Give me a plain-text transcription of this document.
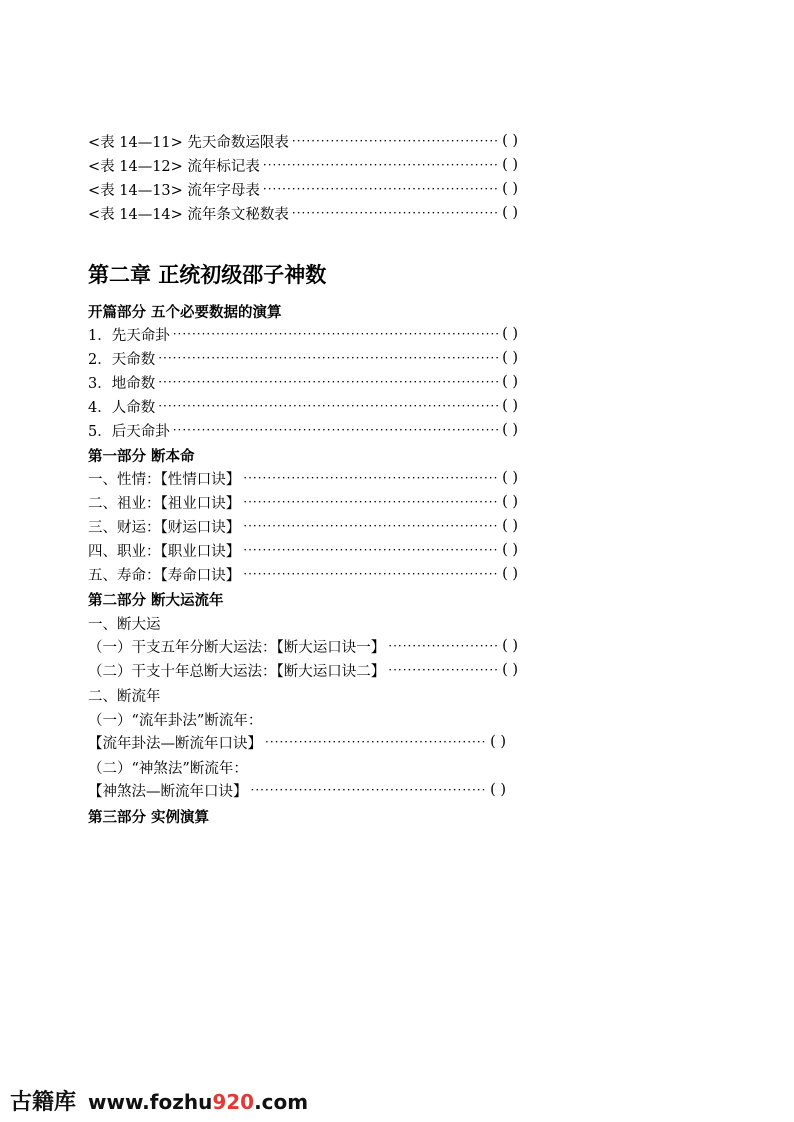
<表 14—11> 先天命数运限表 ·····	( )
<表 14—12> 流年标记表 ·····	( )
<表 14—13> 流年字母表 ·····	( )
<表 14—14> 流年条文秘数表 ·····	( )
第二章 正统初级邵子神数
开篇部分 五个必要数据的演算
1．先天命卦 ·····	( )
2．天命数 ·····	( )
3．地命数 ·····	( )
4．人命数 ·····	( )
5．后天命卦 ·····	( )
第一部分 断本命
一、性情：【性情口诀】 ·····	( )
二、祖业：【祖业口诀】 ·····	( )
三、财运：【财运口诀】 ·····	( )
四、职业：【职业口诀】 ·····	( )
五、寿命：【寿命口诀】 ·····	( )
第二部分 断大运流年
一、断大运
（一）干支五年分断大运法：【断大运口诀一】 ·····	( )
（二）干支十年总断大运法：【断大运口诀二】 ·····	( )
二、断流年
（一）“流年卦法”断流年：
【流年卦法—断流年口诀】 ·····	( )
（二）“神煞法”断流年：
【神煞法—断流年口诀】 ·····	( )
第三部分 实例演算
古籍库 www.fozhu920.com
